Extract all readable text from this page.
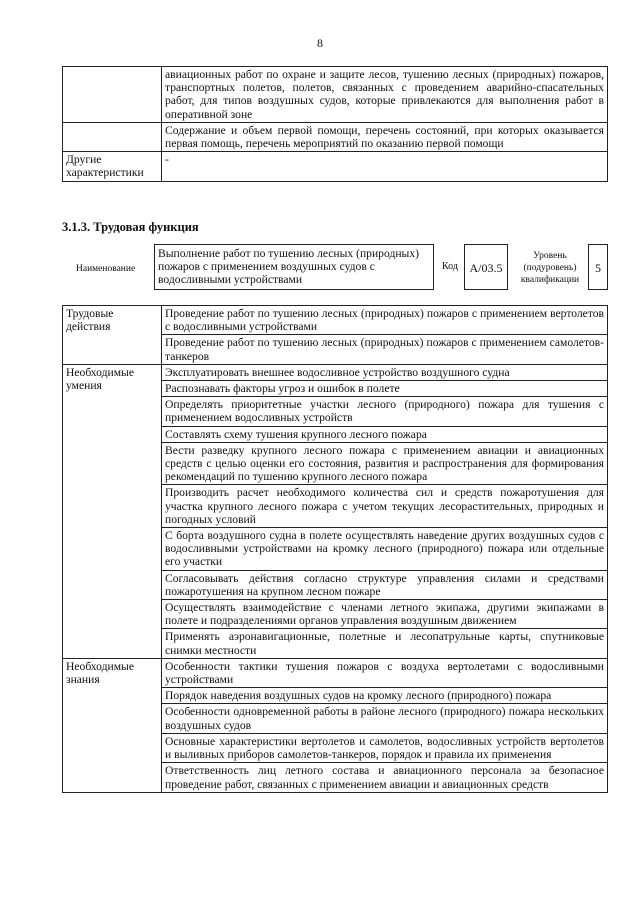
8
	авиационных работ по охране и защите лесов, тушению лесных (природных) пожаров, транспортных полетов, полетов, связанных с проведением аварийно-спасательных работ, для типов воздушных судов, которые привлекаются для выполнения работ в оперативной зоне
	Содержание и объем первой помощи, перечень состояний, при которых оказывается первая помощь, перечень мероприятий по оказанию первой помощи
Другие характеристики	-
3.1.3. Трудовая функция
Наименование
Выполнение работ по тушению лесных (природных) пожаров с применением воздушных судов с водосливными устройствами
Код А/03.5
Уровень (подуровень) квалификации
5
Трудовые действия	Проведение работ по тушению лесных (природных) пожаров с применением вертолетов с водосливными устройствами
	Проведение работ по тушению лесных (природных) пожаров с применением самолетов-танкеров
Необходимые умения	Эксплуатировать внешнее водосливное устройство воздушного судна
	Распознавать факторы угроз и ошибок в полете
	Определять приоритетные участки лесного (природного) пожара для тушения с применением водосливных устройств
	Составлять схему тушения крупного лесного пожара
	Вести разведку крупного лесного пожара с применением авиации и авиационных средств с целью оценки его состояния, развития и распространения для формирования рекомендаций по тушению крупного лесного пожара
	Производить расчет необходимого количества сил и средств пожаротушения для участка крупного лесного пожара с учетом текущих лесорастительных, природных и погодных условий
	С борта воздушного судна в полете осуществлять наведение других воздушных судов с водосливными устройствами на кромку лесного (природного) пожара или отдельные его участки
	Согласовывать действия согласно структуре управления силами и средствами пожаротушения на крупном лесном пожаре
	Осуществлять взаимодействие с членами летного экипажа, другими экипажами в полете и подразделениями органов управления воздушным движением
	Применять аэронавигационные, полетные и лесопатрульные карты, спутниковые снимки местности
Необходимые знания	Особенности тактики тушения пожаров с воздуха вертолетами с водосливными устройствами
	Порядок наведения воздушных судов на кромку лесного (природного) пожара
	Особенности одновременной работы в районе лесного (природного) пожара нескольких воздушных судов
	Основные характеристики вертолетов и самолетов, водосливных устройств вертолетов и выливных приборов самолетов-танкеров, порядок и правила их применения
	Ответственность лиц летного состава и авиационного персонала за безопасное проведение работ, связанных с применением авиации и авиационных средств
